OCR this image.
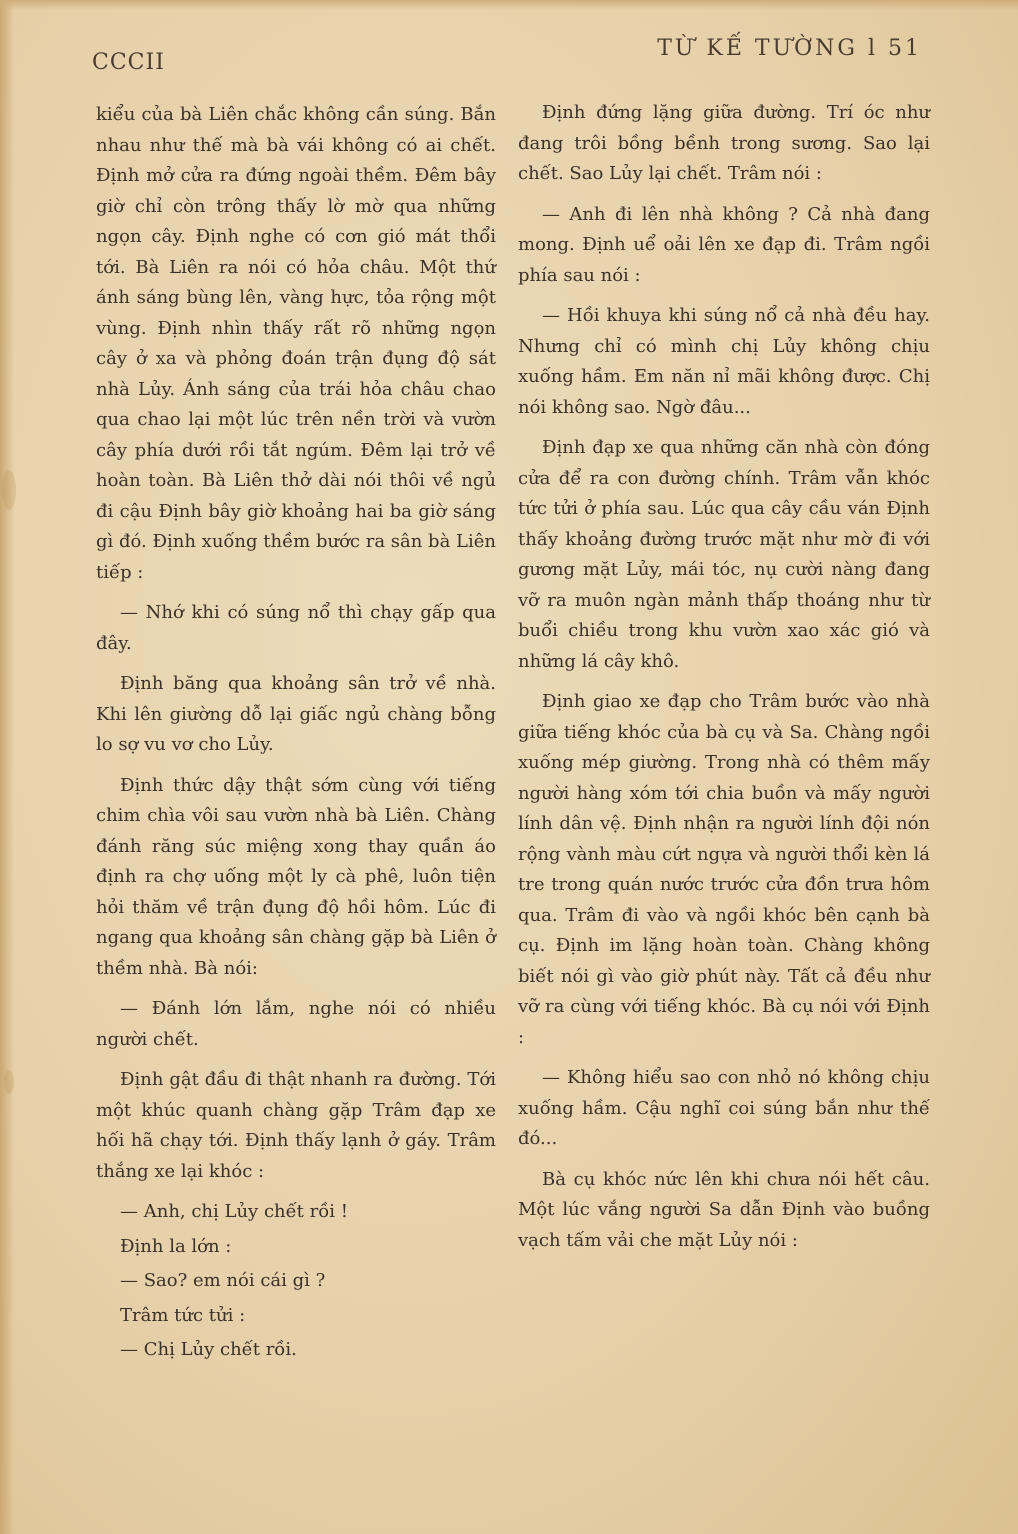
CCCII
TỪ KẾ TƯỜNG l 51

kiểu của bà Liên chắc không cần súng. Bắn nhau như thế mà bà vái không có ai chết. Định mở cửa ra đứng ngoài thềm. Đêm bây giờ chỉ còn trông thấy lờ mờ qua những ngọn cây. Định nghe có cơn gió mát thổi tới. Bà Liên ra nói có hỏa châu. Một thứ ánh sáng bùng lên, vàng hực, tỏa rộng một vùng. Định nhìn thấy rất rõ những ngọn cây ở xa và phỏng đoán trận đụng độ sát nhà Lủy. Ánh sáng của trái hỏa châu chao qua chao lại một lúc trên nền trời và vườn cây phía dưới rồi tắt ngúm. Đêm lại trở về hoàn toàn. Bà Liên thở dài nói thôi về ngủ đi cậu Định bây giờ khoảng hai ba giờ sáng gì đó. Định xuống thềm bước ra sân bà Liên tiếp :

— Nhớ khi có súng nổ thì chạy gấp qua đây.

Định băng qua khoảng sân trở về nhà. Khi lên giường dỗ lại giấc ngủ chàng bỗng lo sợ vu vơ cho Lủy.

Định thức dậy thật sớm cùng với tiếng chim chìa vôi sau vườn nhà bà Liên. Chàng đánh răng súc miệng xong thay quần áo định ra chợ uống một ly cà phê, luôn tiện hỏi thăm về trận đụng độ hồi hôm. Lúc đi ngang qua khoảng sân chàng gặp bà Liên ở thềm nhà. Bà nói:

— Đánh lớn lắm, nghe nói có nhiều người chết.

Định gật đầu đi thật nhanh ra đường. Tới một khúc quanh chàng gặp Trâm đạp xe hối hã chạy tới. Định thấy lạnh ở gáy. Trâm thắng xe lại khóc :

— Anh, chị Lủy chết rồi !

Định la lớn :

— Sao? em nói cái gì ?

Trâm tức tửi :

— Chị Lủy chết rồi.

Định đứng lặng giữa đường. Trí óc như đang trôi bồng bềnh trong sương. Sao lại chết. Sao Lủy lại chết. Trâm nói :

— Anh đi lên nhà không ? Cả nhà đang mong. Định uể oải lên xe đạp đi. Trâm ngồi phía sau nói :

— Hồi khuya khi súng nổ cả nhà đều hay. Nhưng chỉ có mình chị Lủy không chịu xuống hầm. Em năn nỉ mãi không được. Chị nói không sao. Ngờ đâu...

Định đạp xe qua những căn nhà còn đóng cửa để ra con đường chính. Trâm vẫn khóc tức tửi ở phía sau. Lúc qua cây cầu ván Định thấy khoảng đường trước mặt như mờ đi với gương mặt Lủy, mái tóc, nụ cười nàng đang vỡ ra muôn ngàn mảnh thấp thoáng như từ buổi chiều trong khu vườn xao xác gió và những lá cây khô.

Định giao xe đạp cho Trâm bước vào nhà giữa tiếng khóc của bà cụ và Sa. Chàng ngồi xuống mép giường. Trong nhà có thêm mấy người hàng xóm tới chia buồn và mấy người lính dân vệ. Định nhận ra người lính đội nón rộng vành màu cứt ngựa và người thổi kèn lá tre trong quán nước trước cửa đồn trưa hôm qua. Trâm đi vào và ngồi khóc bên cạnh bà cụ. Định im lặng hoàn toàn. Chàng không biết nói gì vào giờ phút này. Tất cả đều như vỡ ra cùng với tiếng khóc. Bà cụ nói với Định :

— Không hiểu sao con nhỏ nó không chịu xuống hầm. Cậu nghĩ coi súng bắn như thế đó...

Bà cụ khóc nức lên khi chưa nói hết câu. Một lúc vắng người Sa dẫn Định vào buồng vạch tấm vải che mặt Lủy nói :
